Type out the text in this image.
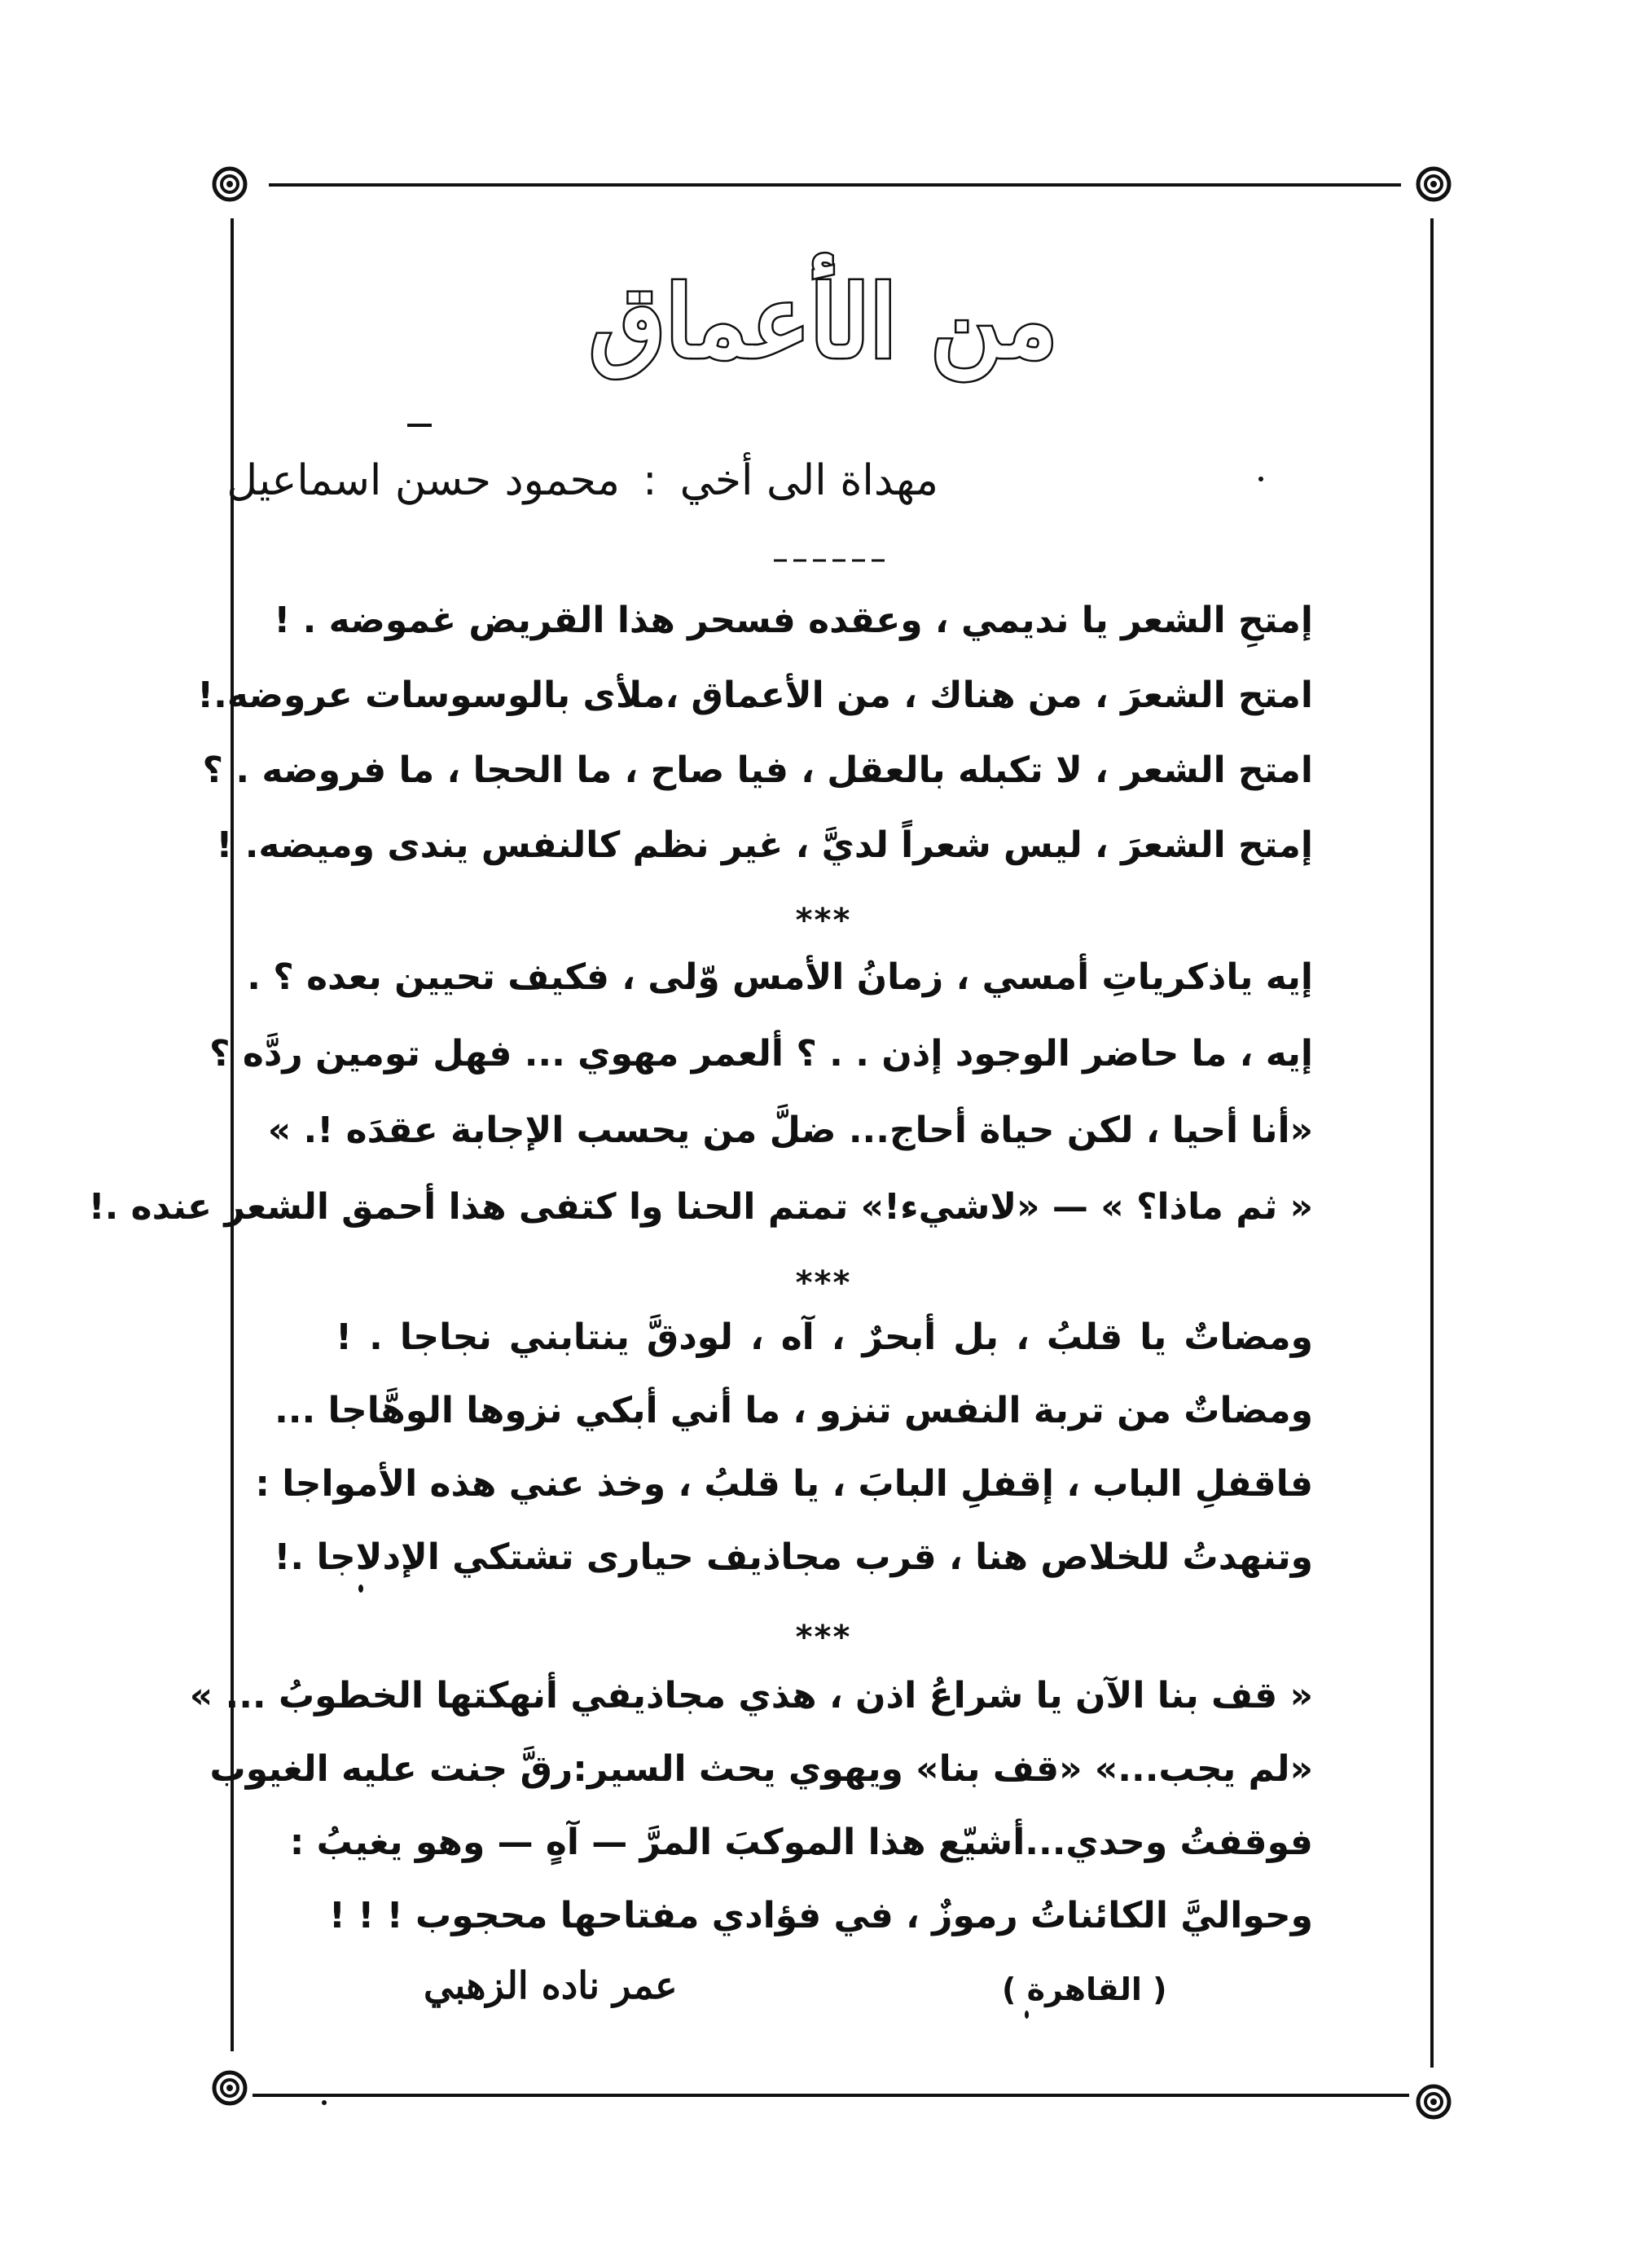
من الأعماق
مهداة الى أخي:محمود حسن اسماعيل
إمتحِ الشعر يا نديمي ، وعقده فسحر هذا القريض غموضه . !
امتح الشعرَ ، من هناك ، من الأعماق ،ملأى بالوسوسات عروضه.!
امتح الشعر ، لا تكبله بالعقل ، فيا صاح ، ما الحجا ، ما فروضه . ؟
إمتح الشعرَ ، ليس شعراً لديَّ ، غير نظم كالنفس يندى وميضه. !
***
إيه ياذكرياتِ أمسي ، زمانُ الأمس وّلى ، فكيف تحيين بعده ؟ .
إيه ، ما حاضر الوجود إذن . . ؟ ألعمر مهوي ... فهل تومين ردَّه ؟
«أنا أحيا ، لكن حياة أحاج... ضلَّ من يحسب الإجابة عقدَه !. »
« ثم ماذا؟ » — «لاشيء!» تمتم الحنا وا كتفى هذا أحمق الشعر عنده .!
***
ومضاتٌ يا قلبُ ، بل أبحرٌ ، آه ، لودقَّ ينتابني نجاجا . !
ومضاتٌ من تربة النفس تنزو ، ما أني أبكي نزوها الوهَّاجا ...
فاقفلِ الباب ، إقفلِ البابَ ، يا قلبُ ، وخذ عني هذه الأمواجا :
وتنهدتُ للخلاص هنا ، قرب مجاذيف حيارى تشتكي الإدلاجا .!
***
« قف بنا الآن يا شراعُ اذن ، هذي مجاذيفي أنهكتها الخطوبُ ... »
«لم يجب...» «قف بنا» ويهوي يحث السير:رقَّ جنت عليه الغيوب
فوقفتُ وحدي...أشيّع هذا الموكبَ المرَّ — آهٍ — وهو يغيبُ :
وحواليَّ الكائناتُ رموزٌ ، في فؤادي مفتاحها محجوب ! ! !
( القاهرة )
عمر ناده الزهبي
